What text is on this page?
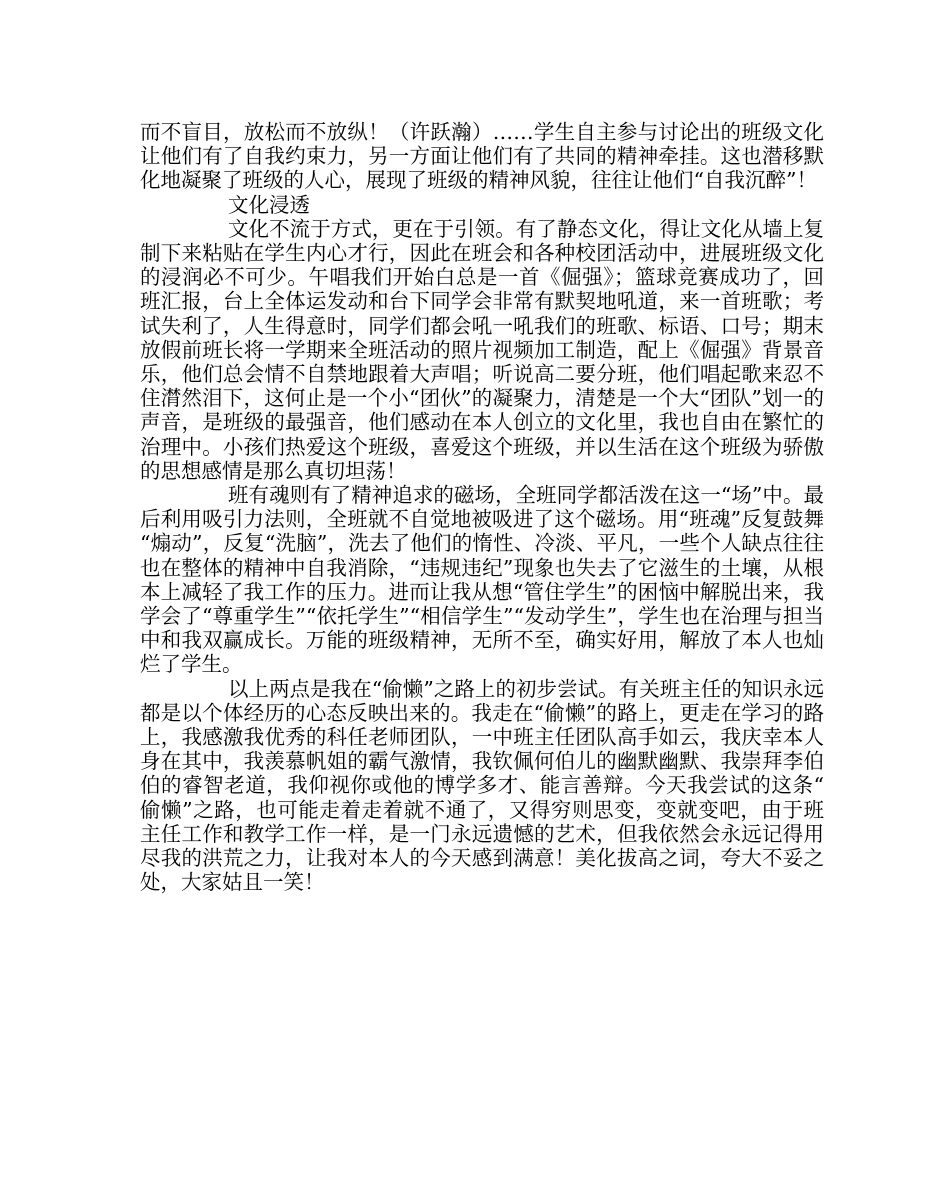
而不盲目，放松而不放纵！（许跃瀚）……学生自主参与讨论出的班级文化让他们有了自我约束力，另一方面让他们有了共同的精神牵挂。这也潜移默化地凝聚了班级的人心，展现了班级的精神风貌，往往让他们“自我沉醉”！

文化浸透

文化不流于方式，更在于引领。有了静态文化，得让文化从墙上复制下来粘贴在学生内心才行，因此在班会和各种校团活动中，进展班级文化的浸润必不可少。午唱我们开始白总是一首《倔强》；篮球竞赛成功了，回班汇报，台上全体运发动和台下同学会非常有默契地吼道，来一首班歌；考试失利了，人生得意时，同学们都会吼一吼我们的班歌、标语、口号；期末放假前班长将一学期来全班活动的照片视频加工制造，配上《倔强》背景音乐，他们总会情不自禁地跟着大声唱；听说高二要分班，他们唱起歌来忍不住潸然泪下，这何止是一个小“团伙”的凝聚力，清楚是一个大“团队”划一的声音，是班级的最强音，他们感动在本人创立的文化里，我也自由在繁忙的治理中。小孩们热爱这个班级，喜爱这个班级，并以生活在这个班级为骄傲的思想感情是那么真切坦荡！

班有魂则有了精神追求的磁场，全班同学都活泼在这一“场”中。最后利用吸引力法则，全班就不自觉地被吸进了这个磁场。用“班魂”反复鼓舞“煽动”，反复“洗脑”，洗去了他们的惰性、冷淡、平凡，一些个人缺点往往也在整体的精神中自我消除，“违规违纪”现象也失去了它滋生的土壤，从根本上减轻了我工作的压力。进而让我从想“管住学生”的困恼中解脱出来，我学会了“尊重学生”“依托学生”“相信学生”“发动学生”，学生也在治理与担当中和我双赢成长。万能的班级精神，无所不至，确实好用，解放了本人也灿烂了学生。

以上两点是我在“偷懒”之路上的初步尝试。有关班主任的知识永远都是以个体经历的心态反映出来的。我走在“偷懒”的路上，更走在学习的路上，我感激我优秀的科任老师团队，一中班主任团队高手如云，我庆幸本人身在其中，我羡慕帆姐的霸气激情，我钦佩何伯儿的幽默幽默、我崇拜李伯伯的睿智老道，我仰视你或他的博学多才、能言善辩。今天我尝试的这条“偷懒”之路，也可能走着走着就不通了，又得穷则思变，变就变吧，由于班主任工作和教学工作一样，是一门永远遗憾的艺术，但我依然会永远记得用尽我的洪荒之力，让我对本人的今天感到满意！美化拔高之词，夸大不妥之处，大家姑且一笑！
